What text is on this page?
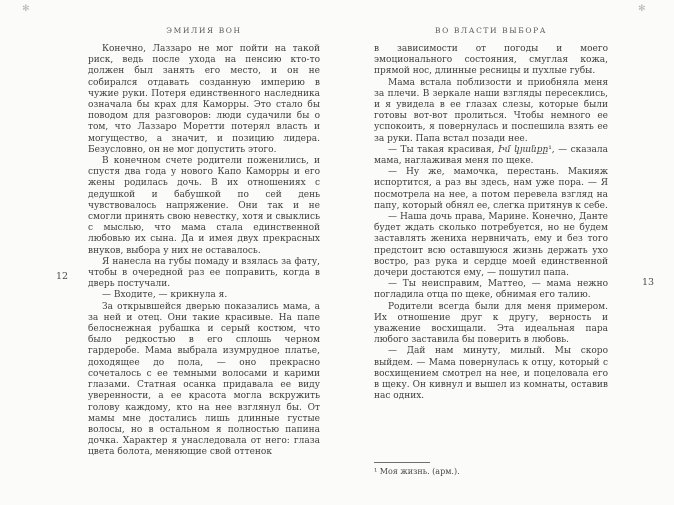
✻	✻
ЭМИЛИЯ ВОН

Конечно, Лаззаро не мог пойти на такой риск, ведь после ухода на пенсию кто-то должен был занять его место, и он не собирался отдавать созданную империю в чужие руки. Потеря единственного наследника означала бы крах для Каморры. Это стало бы поводом для разговоров: люди судачили бы о том, что Лаззаро Моретти потерял власть и могущество, а значит, и позицию лидера. Безусловно, он не мог допустить этого.

В конечном счете родители поженились, и спустя два года у нового Капо Каморры и его жены родилась дочь. В их отношениях с дедушкой и бабушкой по сей день чувствовалось напряжение. Они так и не смогли принять свою невестку, хотя и свыклись с мыслью, что мама стала единственной любовью их сына. Да и имея двух прекрасных внуков, выбора у них не оставалось.

Я нанесла на губы помаду и взялась за фату, чтобы в очередной раз ее поправить, когда в дверь постучали.

— Входите, — крикнула я.

За открывшейся дверью показались мама, а за ней и отец. Они такие красивые. На папе белоснежная рубашка и серый костюм, что было редкостью в его сплошь черном гардеробе. Мама выбрала изумрудное платье, доходящее до пола, — оно прекрасно сочеталось с ее темными волосами и карими глазами. Статная осанка придавала ее виду уверенности, а ее красота могла вскружить голову каждому, кто на нее взглянул бы. От мамы мне достались лишь длинные густые волосы, но в остальном я полностью папина дочка. Характер я унаследовала от него: глаза цвета болота, меняющие свой оттенок

ВО ВЛАСТИ ВЫБОРА

в зависимости от погоды и моего эмоционального состояния, смуглая кожа, прямой нос, длинные ресницы и пухлые губы.

Мама встала поблизости и приобняла меня за плечи. В зеркале наши взгляды пересеклись, и я увидела в ее глазах слезы, которые были готовы вот-вот пролиться. Чтобы немного ее успокоить, я повернулась и поспешила взять ее за руки. Папа встал позади нее.

— Ты такая красивая, Իմ կյանքը¹, — сказала мама, наглаживая меня по щеке.

— Ну же, мамочка, перестань. Макияж испортится, а раз вы здесь, нам уже пора. — Я посмотрела на нее, а потом перевела взгляд на папу, который обнял ее, слегка притянув к себе.

— Наша дочь права, Марине. Конечно, Данте будет ждать сколько потребуется, но не будем заставлять жениха нервничать, ему и без того предстоит всю оставшуюся жизнь держать ухо востро, раз рука и сердце моей единственной дочери достаются ему, — пошутил папа.

— Ты неисправим, Маттео, — мама нежно погладила отца по щеке, обнимая его талию.

Родители всегда были для меня примером. Их отношение друг к другу, верность и уважение восхищали. Эта идеальная пара любого заставила бы поверить в любовь.

— Дай нам минуту, милый. Мы скоро выйдем. — Мама повернулась к отцу, который с восхищением смотрел на нее, и поцеловала его в щеку. Он кивнул и вышел из комнаты, оставив нас одних.

¹ Моя жизнь. (арм.).
12
13
